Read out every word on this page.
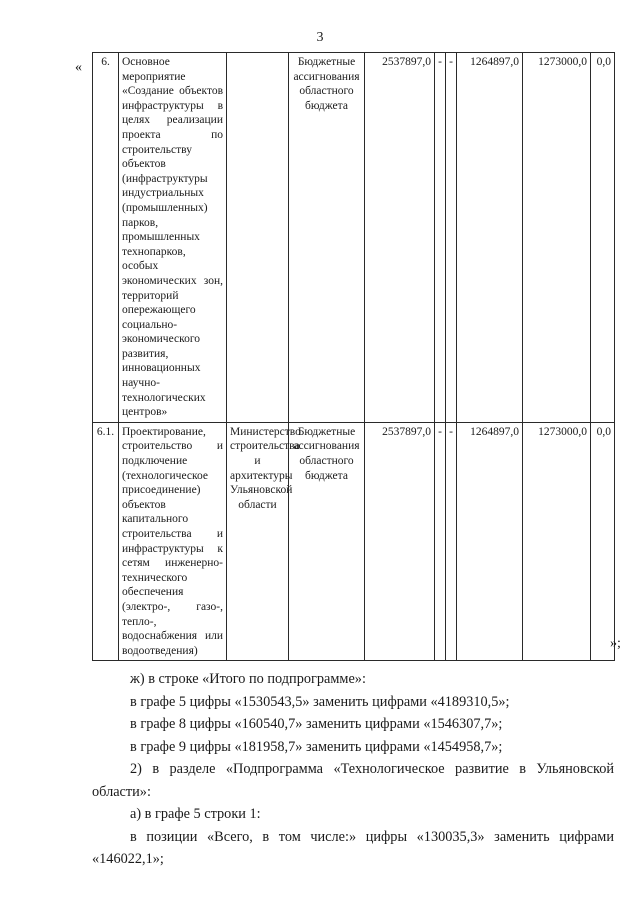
3
« 6.	Основное мероприятие «Создание объектов инфраструктуры в целях реализации проекта по строительству объектов (инфраструктуры индустриальных (промышленных) парков, промышленных технопарков, особых экономических зон, территорий опережающего социально-экономического развития, инновационных научно-технологических центров»		Бюджетные ассигнования областного бюджета	2537897,0	-	-	1264897,0	1273000,0	0,0
6.1.	Проектирование, строительство и подключение (технологическое присоединение) объектов капитального строительства и инфраструктуры к сетям инженерно-технического обеспечения (электро-, газо-, тепло-, водоснабжения или водоотведения)	Министерство строительства и архитектуры Ульяновской области	Бюджетные ассигнования областного бюджета	2537897,0	-	-	1264897,0	1273000,0	0,0
»;

ж) в строке «Итого по подпрограмме»:

в графе 5 цифры «1530543,5» заменить цифрами «4189310,5»;

в графе 8 цифры «160540,7» заменить цифрами «1546307,7»;

в графе 9 цифры «181958,7» заменить цифрами «1454958,7»;

2) в разделе «Подпрограмма «Технологическое развитие в Ульяновской области»:

а) в графе 5 строки 1:

в позиции «Всего, в том числе:» цифры «130035,3» заменить цифрами «146022,1»;
